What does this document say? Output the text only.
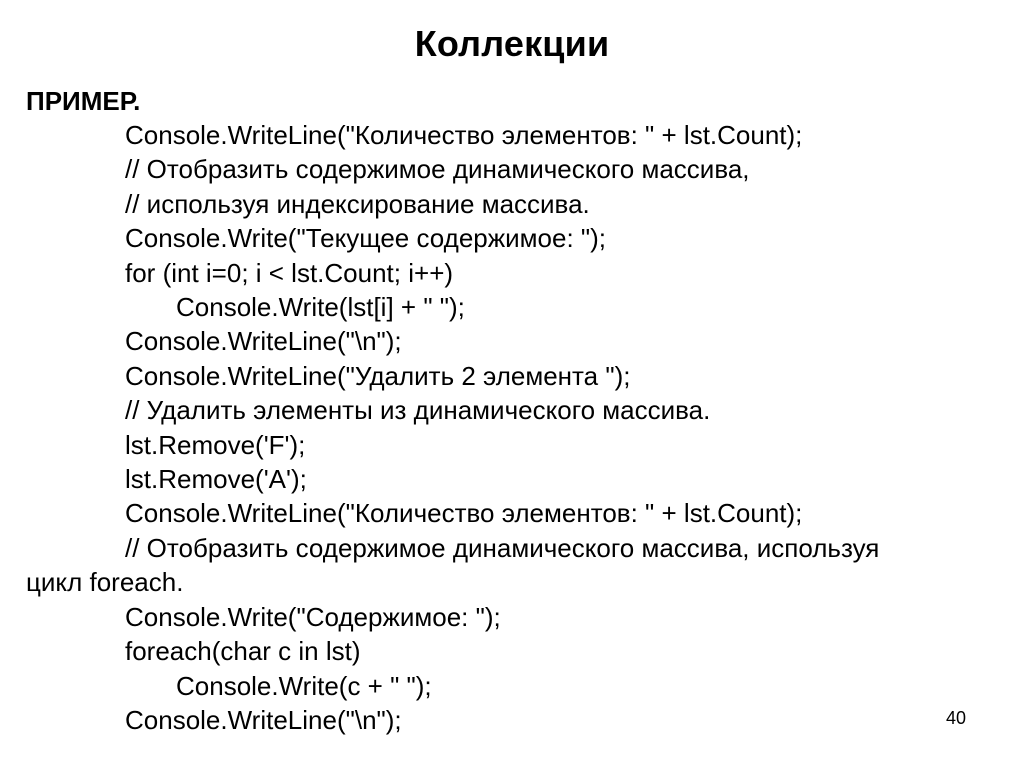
Коллекции
ПРИМЕР.
Console.WriteLine("Количество элементов: " + lst.Count);
// Отобразить содержимое динамического массива,
// используя индексирование массива.
Console.Write("Текущее содержимое: ");
for (int i=0; i < lst.Count; i++)
Console.Write(lst[i] + " ");
Console.WriteLine("\n");
Console.WriteLine("Удалить 2 элемента ");
// Удалить элементы из динамического массива.
lst.Remove('F');
lst.Remove('A');
Console.WriteLine("Количество элементов: " + lst.Count);
// Отобразить содержимое динамического массива, используя
цикл foreach.
Console.Write("Содержимое: ");
foreach(char c in lst)
Console.Write(c + " ");
Console.WriteLine("\n");	40
